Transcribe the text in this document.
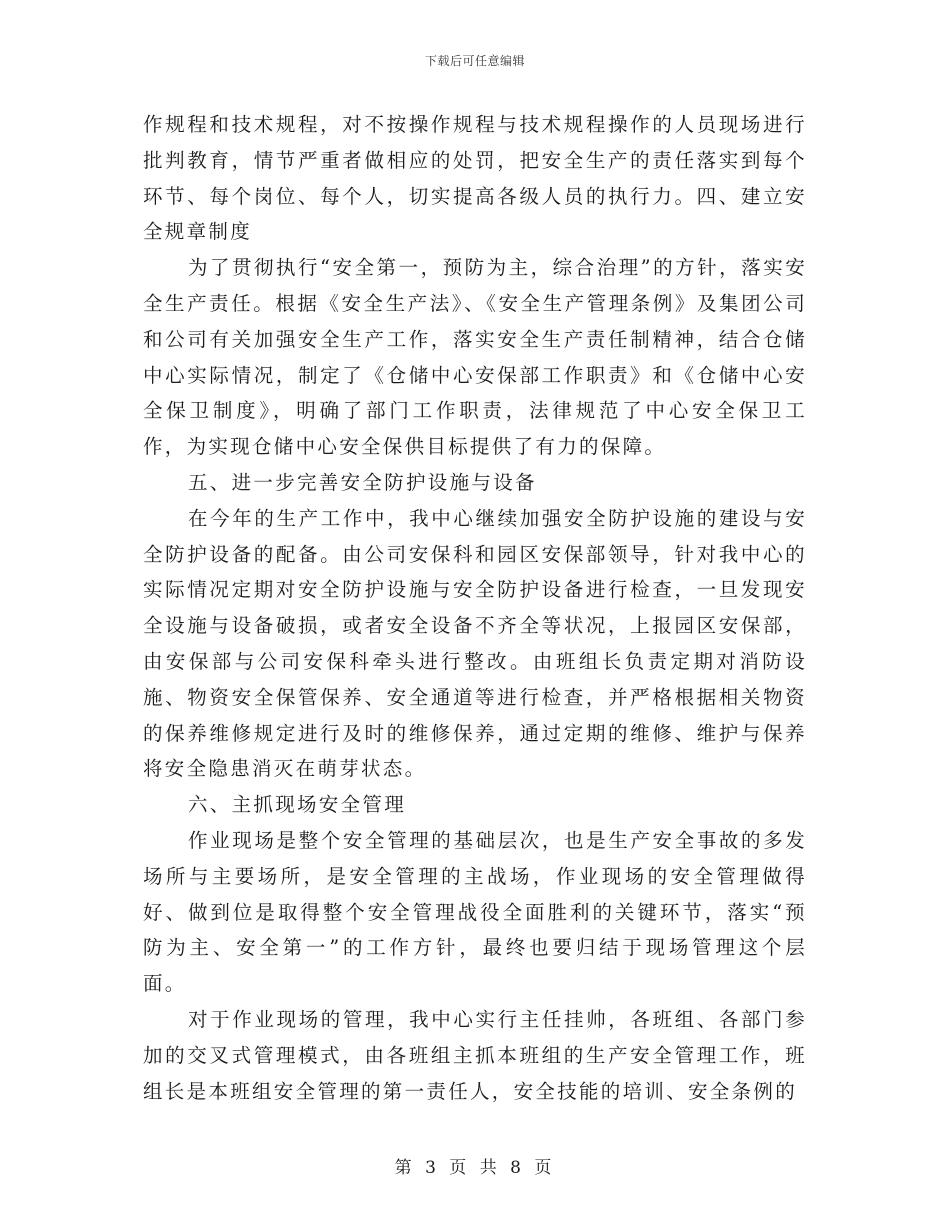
下载后可任意编辑

作规程和技术规程，对不按操作规程与技术规程操作的人员现场进行批判教育，情节严重者做相应的处罚，把安全生产的责任落实到每个环节、每个岗位、每个人，切实提高各级人员的执行力。四、建立安全规章制度

为了贯彻执行“安全第一，预防为主，综合治理”的方针，落实安全生产责任。根据《安全生产法》、《安全生产管理条例》及集团公司和公司有关加强安全生产工作，落实安全生产责任制精神，结合仓储中心实际情况，制定了《仓储中心安保部工作职责》和《仓储中心安全保卫制度》，明确了部门工作职责，法律规范了中心安全保卫工作，为实现仓储中心安全保供目标提供了有力的保障。

五、进一步完善安全防护设施与设备

在今年的生产工作中，我中心继续加强安全防护设施的建设与安全防护设备的配备。由公司安保科和园区安保部领导，针对我中心的实际情况定期对安全防护设施与安全防护设备进行检查，一旦发现安全设施与设备破损，或者安全设备不齐全等状况，上报园区安保部，由安保部与公司安保科牵头进行整改。由班组长负责定期对消防设施、物资安全保管保养、安全通道等进行检查，并严格根据相关物资的保养维修规定进行及时的维修保养，通过定期的维修、维护与保养将安全隐患消灭在萌芽状态。

六、主抓现场安全管理

作业现场是整个安全管理的基础层次，也是生产安全事故的多发场所与主要场所，是安全管理的主战场，作业现场的安全管理做得好、做到位是取得整个安全管理战役全面胜利的关键环节，落实“预防为主、安全第一”的工作方针，最终也要归结于现场管理这个层面。

对于作业现场的管理，我中心实行主任挂帅，各班组、各部门参加的交叉式管理模式，由各班组主抓本班组的生产安全管理工作，班组长是本班组安全管理的第一责任人，安全技能的培训、安全条例的

第 3 页 共 8 页
